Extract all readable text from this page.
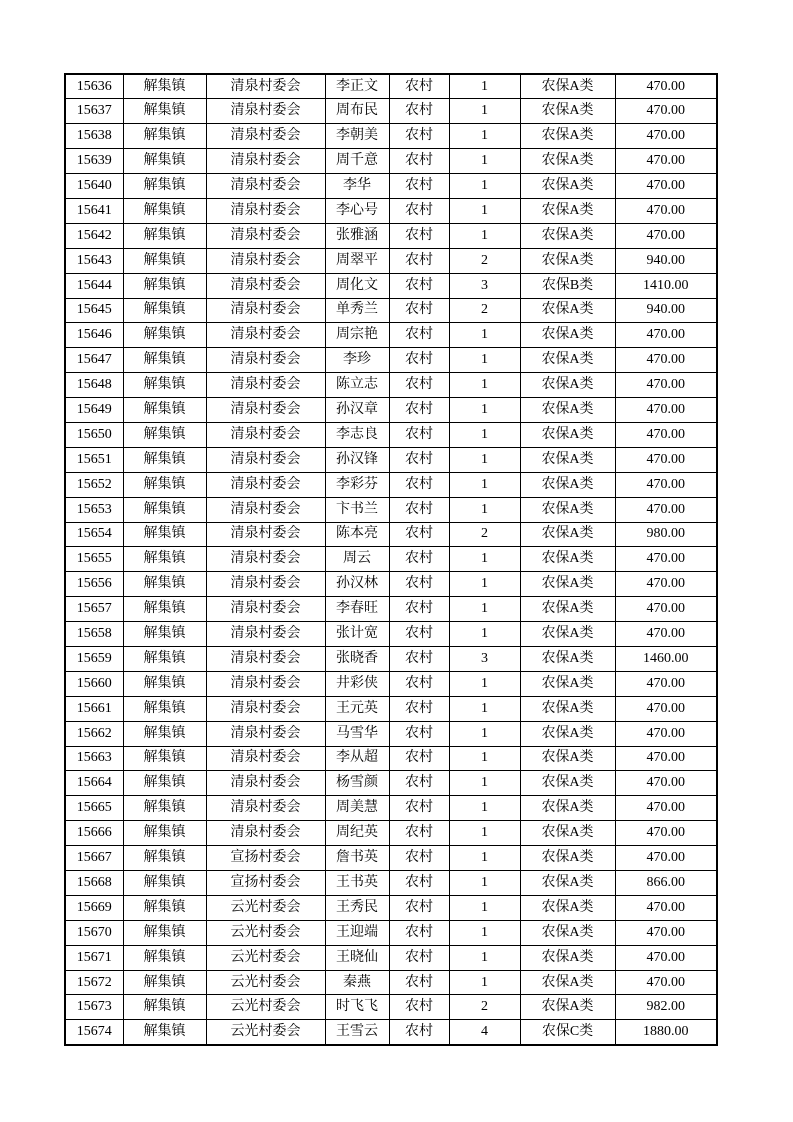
15636	解集镇	清泉村委会	李正文	农村	1	农保A类	470.00
15637	解集镇	清泉村委会	周布民	农村	1	农保A类	470.00
15638	解集镇	清泉村委会	李朝美	农村	1	农保A类	470.00
15639	解集镇	清泉村委会	周千意	农村	1	农保A类	470.00
15640	解集镇	清泉村委会	李华	农村	1	农保A类	470.00
15641	解集镇	清泉村委会	李心号	农村	1	农保A类	470.00
15642	解集镇	清泉村委会	张雅涵	农村	1	农保A类	470.00
15643	解集镇	清泉村委会	周翠平	农村	2	农保A类	940.00
15644	解集镇	清泉村委会	周化文	农村	3	农保B类	1410.00
15645	解集镇	清泉村委会	单秀兰	农村	2	农保A类	940.00
15646	解集镇	清泉村委会	周宗艳	农村	1	农保A类	470.00
15647	解集镇	清泉村委会	李珍	农村	1	农保A类	470.00
15648	解集镇	清泉村委会	陈立志	农村	1	农保A类	470.00
15649	解集镇	清泉村委会	孙汉章	农村	1	农保A类	470.00
15650	解集镇	清泉村委会	李志良	农村	1	农保A类	470.00
15651	解集镇	清泉村委会	孙汉锋	农村	1	农保A类	470.00
15652	解集镇	清泉村委会	李彩芬	农村	1	农保A类	470.00
15653	解集镇	清泉村委会	卞书兰	农村	1	农保A类	470.00
15654	解集镇	清泉村委会	陈本亮	农村	2	农保A类	980.00
15655	解集镇	清泉村委会	周云	农村	1	农保A类	470.00
15656	解集镇	清泉村委会	孙汉林	农村	1	农保A类	470.00
15657	解集镇	清泉村委会	李春旺	农村	1	农保A类	470.00
15658	解集镇	清泉村委会	张计宽	农村	1	农保A类	470.00
15659	解集镇	清泉村委会	张晓香	农村	3	农保A类	1460.00
15660	解集镇	清泉村委会	井彩侠	农村	1	农保A类	470.00
15661	解集镇	清泉村委会	王元英	农村	1	农保A类	470.00
15662	解集镇	清泉村委会	马雪华	农村	1	农保A类	470.00
15663	解集镇	清泉村委会	李从超	农村	1	农保A类	470.00
15664	解集镇	清泉村委会	杨雪颜	农村	1	农保A类	470.00
15665	解集镇	清泉村委会	周美慧	农村	1	农保A类	470.00
15666	解集镇	清泉村委会	周纪英	农村	1	农保A类	470.00
15667	解集镇	宣扬村委会	詹书英	农村	1	农保A类	470.00
15668	解集镇	宣扬村委会	王书英	农村	1	农保A类	866.00
15669	解集镇	云光村委会	王秀民	农村	1	农保A类	470.00
15670	解集镇	云光村委会	王迎端	农村	1	农保A类	470.00
15671	解集镇	云光村委会	王晓仙	农村	1	农保A类	470.00
15672	解集镇	云光村委会	秦燕	农村	1	农保A类	470.00
15673	解集镇	云光村委会	时飞飞	农村	2	农保A类	982.00
15674	解集镇	云光村委会	王雪云	农村	4	农保C类	1880.00
